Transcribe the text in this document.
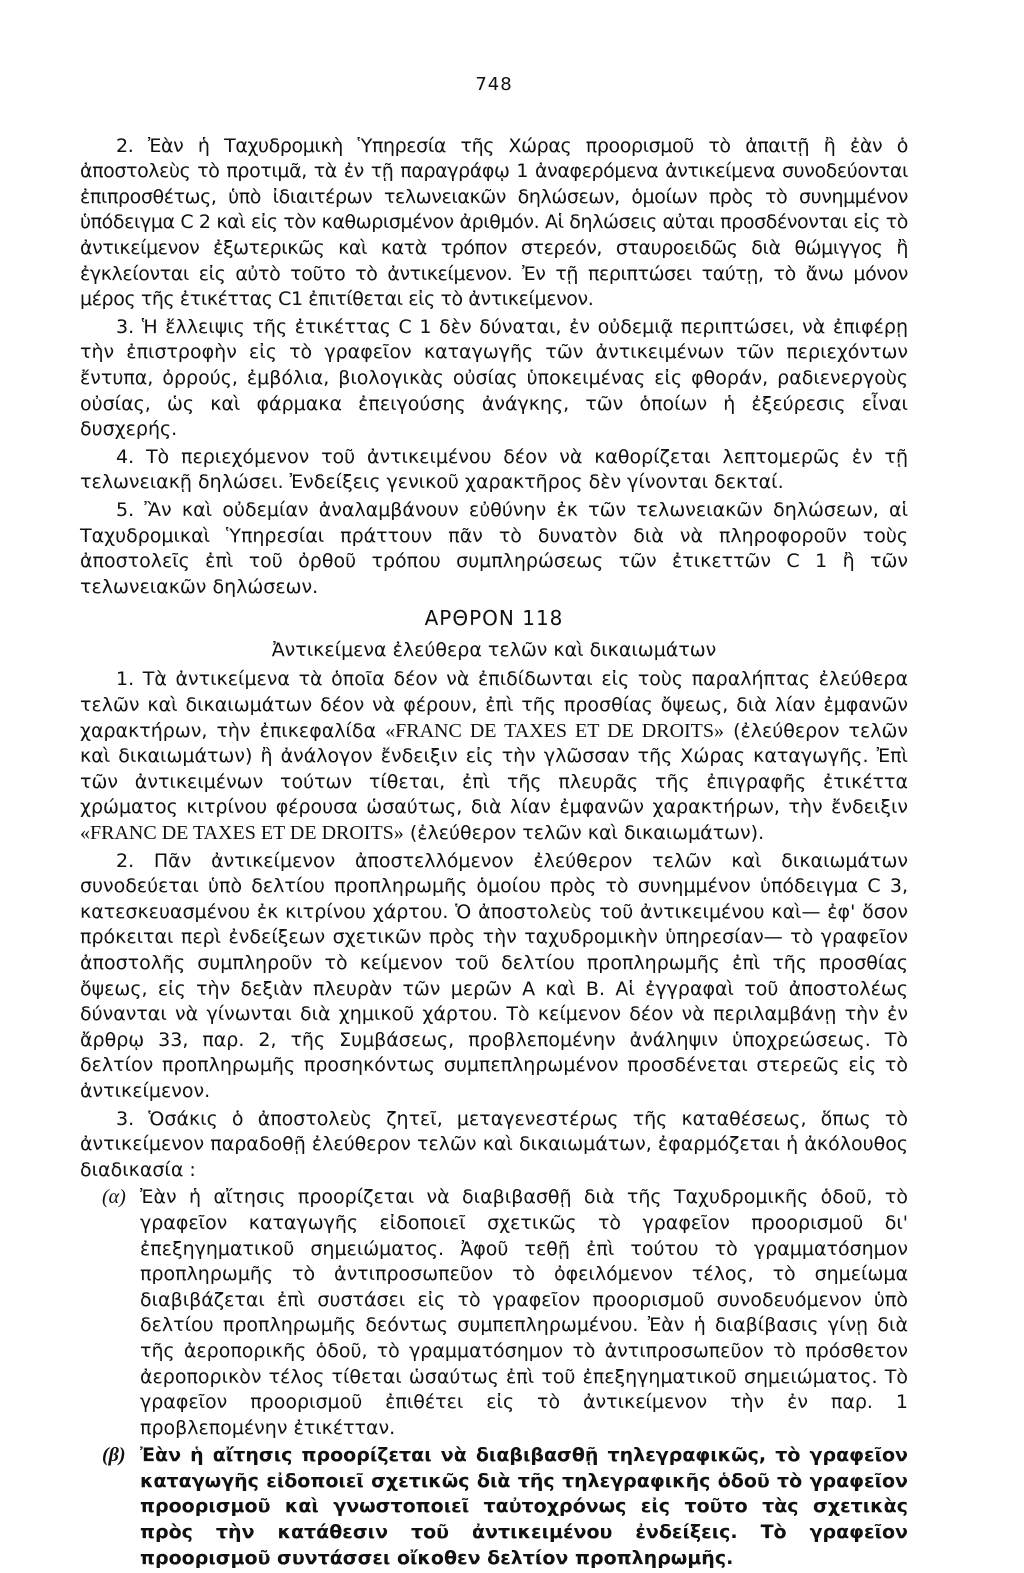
748

2. Ἐὰν ἡ Ταχυδρομικὴ Ὑπηρεσία τῆς Χώρας προορισμοῦ τὸ ἀπαιτῇ ἢ ἐὰν ὁ ἀποστολεὺς τὸ προτιμᾶ, τὰ ἐν τῇ παραγράφῳ 1 ἀναφερόμενα ἀντικείμενα συνοδεύονται ἐπιπροσθέτως, ὑπὸ ἰδιαιτέρων τελωνειακῶν δηλώσεων, ὁμοίων πρὸς τὸ συνημμένον ὑπόδειγμα C 2 καὶ εἰς τὸν καθωρισμένον ἀριθμόν. Αἱ δηλώσεις αὐται προσδένονται εἰς τὸ ἀντικείμενον ἐξωτερικῶς καὶ κατὰ τρόπον στερεόν, σταυροειδῶς διὰ θώμιγγος ἢ ἐγκλείονται εἰς αὐτὸ τοῦτο τὸ ἀντικείμενον. Ἐν τῇ περιπτώσει ταύτῃ, τὸ ἄνω μόνον μέρος τῆς ἐτικέττας C1 ἐπιτίθεται εἰς τὸ ἀντικείμενον.

3. Ἡ ἔλλειψις τῆς ἐτικέττας C 1 δὲν δύναται, ἐν οὐδεμιᾷ περιπτώσει, νὰ ἐπιφέρῃ τὴν ἐπιστροφὴν εἰς τὸ γραφεῖον καταγωγῆς τῶν ἀντικειμένων τῶν περιεχόντων ἔντυπα, ὀρρούς, ἐμβόλια, βιολογικὰς οὐσίας ὑποκειμένας εἰς φθοράν, ραδιενεργοὺς οὐσίας, ὡς καὶ φάρμακα ἐπειγούσης ἀνάγκης, τῶν ὁποίων ἡ ἐξεύρεσις εἶναι δυσχερής.

4. Τὸ περιεχόμενον τοῦ ἀντικειμένου δέον νὰ καθορίζεται λεπτομερῶς ἐν τῇ τελωνειακῇ δηλώσει. Ἐνδείξεις γενικοῦ χαρακτῆρος δὲν γίνονται δεκταί.

5. Ἂν καὶ οὐδεμίαν ἀναλαμβάνουν εὐθύνην ἐκ τῶν τελωνειακῶν δηλώσεων, αἱ Ταχυδρομικαὶ Ὑπηρεσίαι πράττουν πᾶν τὸ δυνατὸν διὰ νὰ πληροφοροῦν τοὺς ἀποστολεῖς ἐπὶ τοῦ ὀρθοῦ τρόπου συμπληρώσεως τῶν ἐτικεττῶν C 1 ἢ τῶν τελωνειακῶν δηλώσεων.

ΑΡΘΡΟΝ 118
Ἀντικείμενα ἐλεύθερα τελῶν καὶ δικαιωμάτων

1. Τὰ ἀντικείμενα τὰ ὁποῖα δέον νὰ ἐπιδίδωνται εἰς τοὺς παραλήπτας ἐλεύθερα τελῶν καὶ δικαιωμάτων δέον νὰ φέρουν, ἐπὶ τῆς προσθίας ὄψεως, διὰ λίαν ἐμφανῶν χαρακτήρων, τὴν ἐπικεφαλίδα «FRANC DE TAXES ET DE DROITS» (ἐλεύθερον τελῶν καὶ δικαιωμάτων) ἢ ἀνάλογον ἔνδειξιν εἰς τὴν γλῶσσαν τῆς Χώρας καταγωγῆς. Ἐπὶ τῶν ἀντικειμένων τούτων τίθεται, ἐπὶ τῆς πλευρᾶς τῆς ἐπιγραφῆς ἐτικέττα χρώματος κιτρίνου φέρουσα ὡσαύτως, διὰ λίαν ἐμφανῶν χαρακτήρων, τὴν ἔνδειξιν «FRANC DE TAXES ET DE DROITS» (ἐλεύθερον τελῶν καὶ δικαιωμάτων).

2. Πᾶν ἀντικείμενον ἀποστελλόμενον ἐλεύθερον τελῶν καὶ δικαιωμάτων συνοδεύεται ὑπὸ δελτίου προπληρωμῆς ὁμοίου πρὸς τὸ συνημμένον ὑπόδειγμα C 3, κατεσκευασμένου ἐκ κιτρίνου χάρτου. Ὁ ἀποστολεὺς τοῦ ἀντικειμένου καὶ— ἐφ' ὅσον πρόκειται περὶ ἐνδείξεων σχετικῶν πρὸς τὴν ταχυδρομικὴν ὑπηρεσίαν— τὸ γραφεῖον ἀποστολῆς συμπληροῦν τὸ κείμενον τοῦ δελτίου προπληρωμῆς ἐπὶ τῆς προσθίας ὄψεως, εἰς τὴν δεξιὰν πλευρὰν τῶν μερῶν Α καὶ Β. Αἱ ἐγγραφαὶ τοῦ ἀποστολέως δύνανται νὰ γίνωνται διὰ χημικοῦ χάρτου. Τὸ κείμενον δέον νὰ περιλαμβάνῃ τὴν ἐν ἄρθρῳ 33, παρ. 2, τῆς Συμβάσεως, προβλεπομένην ἀνάληψιν ὑποχρεώσεως. Τὸ δελτίον προπληρωμῆς προσηκόντως συμπεπληρωμένον προσδένεται στερεῶς εἰς τὸ ἀντικείμενον.

3. Ὁσάκις ὁ ἀποστολεὺς ζητεῖ, μεταγενεστέρως τῆς καταθέσεως, ὅπως τὸ ἀντικείμενον παραδοθῇ ἐλεύθερον τελῶν καὶ δικαιωμάτων, ἐφαρμόζεται ἡ ἀκόλουθος διαδικασία :

(α) Ἐὰν ἡ αἴτησις προορίζεται νὰ διαβιβασθῇ διὰ τῆς Ταχυδρομικῆς ὁδοῦ, τὸ γραφεῖον καταγωγῆς εἰδοποιεῖ σχετικῶς τὸ γραφεῖον προορισμοῦ δι' ἐπεξηγηματικοῦ σημειώματος. Ἀφοῦ τεθῇ ἐπὶ τούτου τὸ γραμματόσημον προπληρωμῆς τὸ ἀντιπροσωπεῦον τὸ ὀφειλόμενον τέλος, τὸ σημείωμα διαβιβάζεται ἐπὶ συστάσει εἰς τὸ γραφεῖον προορισμοῦ συνοδευόμενον ὑπὸ δελτίου προπληρωμῆς δεόντως συμπεπληρωμένου. Ἐὰν ἡ διαβίβασις γίνῃ διὰ τῆς ἀεροπορικῆς ὁδοῦ, τὸ γραμματόσημον τὸ ἀντιπροσωπεῦον τὸ πρόσθετον ἀεροπορικὸν τέλος τίθεται ὡσαύτως ἐπὶ τοῦ ἐπεξηγηματικοῦ σημειώματος. Τὸ γραφεῖον προορισμοῦ ἐπιθέτει εἰς τὸ ἀντικείμενον τὴν ἐν παρ. 1 προβλεπομένην ἐτικέτταν.

(β) Ἐὰν ἡ αἴτησις προορίζεται νὰ διαβιβασθῇ τηλεγραφικῶς, τὸ γραφεῖον καταγωγῆς εἰδοποιεῖ σχετικῶς διὰ τῆς τηλεγραφικῆς ὁδοῦ τὸ γραφεῖον προορισμοῦ καὶ γνωστοποιεῖ ταὐτοχρόνως εἰς τοῦτο τὰς σχετικὰς πρὸς τὴν κατάθεσιν τοῦ ἀντικειμένου ἐνδείξεις. Τὸ γραφεῖον προορισμοῦ συντάσσει οἴκοθεν δελτίον προπληρωμῆς.
